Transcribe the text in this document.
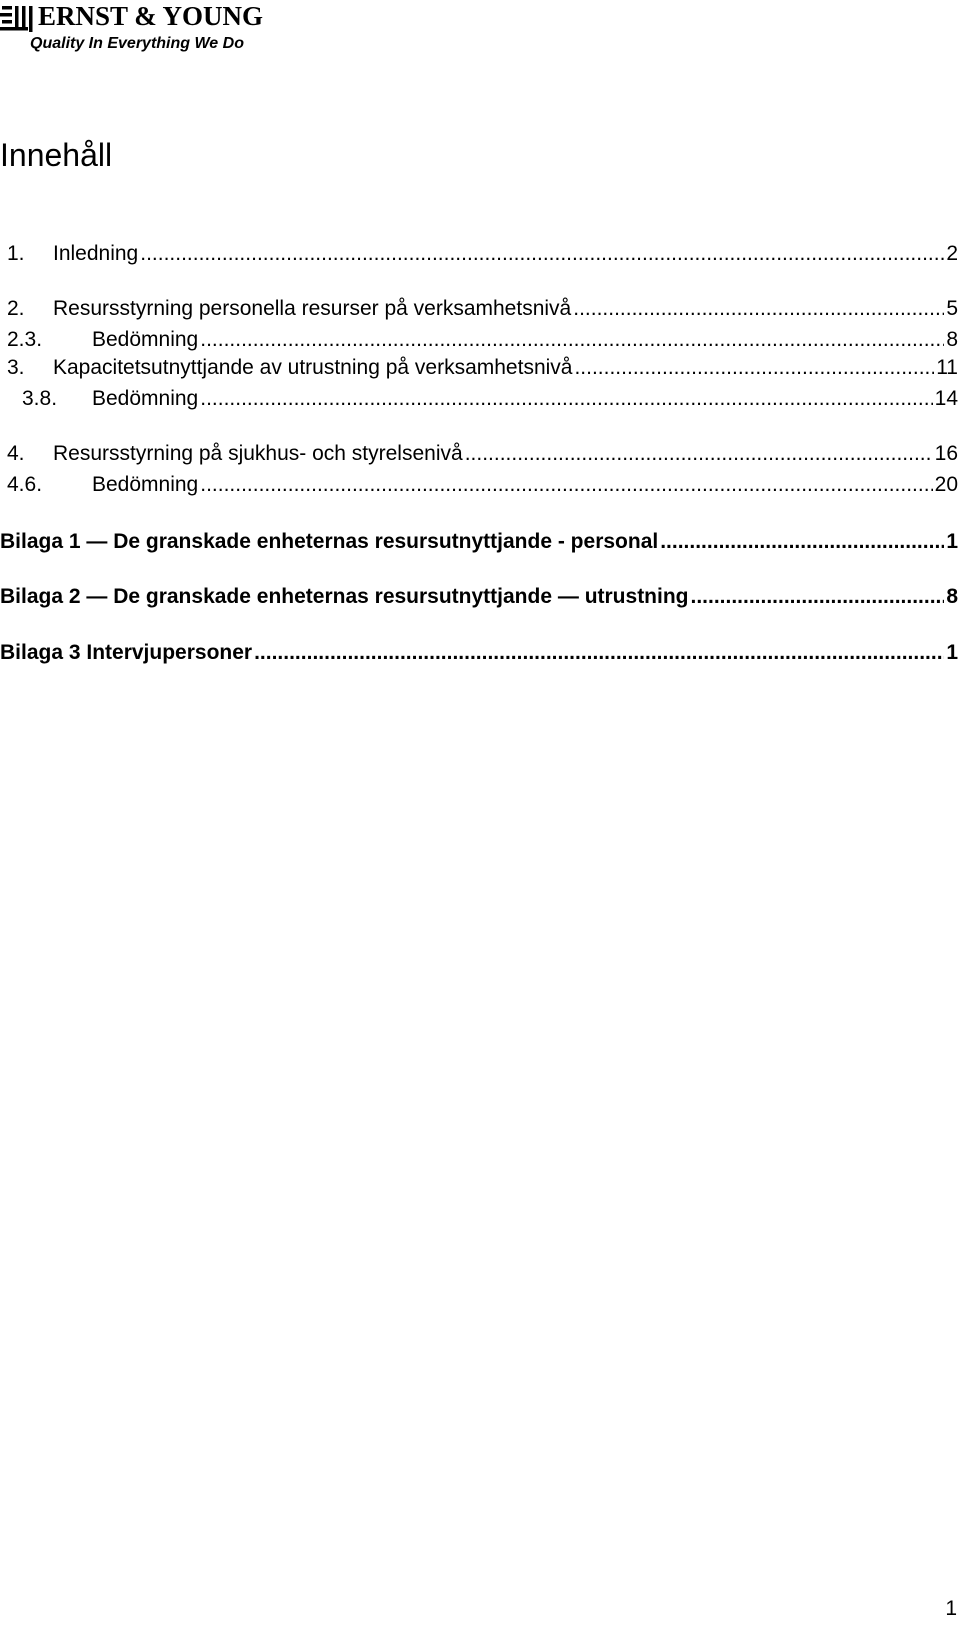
ERNST & YOUNG
Quality In Everything We Do
Innehåll
1.	Inledning .....	2
2.	Resursstyrning personella resurser på verksamhetsnivå .....	5
2.3.	Bedömning .....	8
3.	Kapacitetsutnyttjande av utrustning på verksamhetsnivå .....	11
3.8.	Bedömning .....	14
4.	Resursstyrning på sjukhus- och styrelsenivå .....	16
4.6.	Bedömning .....	20
Bilaga 1 — De granskade enheternas resursutnyttjande - personal .....	1
Bilaga 2 — De granskade enheternas resursutnyttjande — utrustning .....	8
Bilaga 3 Intervjupersoner .....	1
1
